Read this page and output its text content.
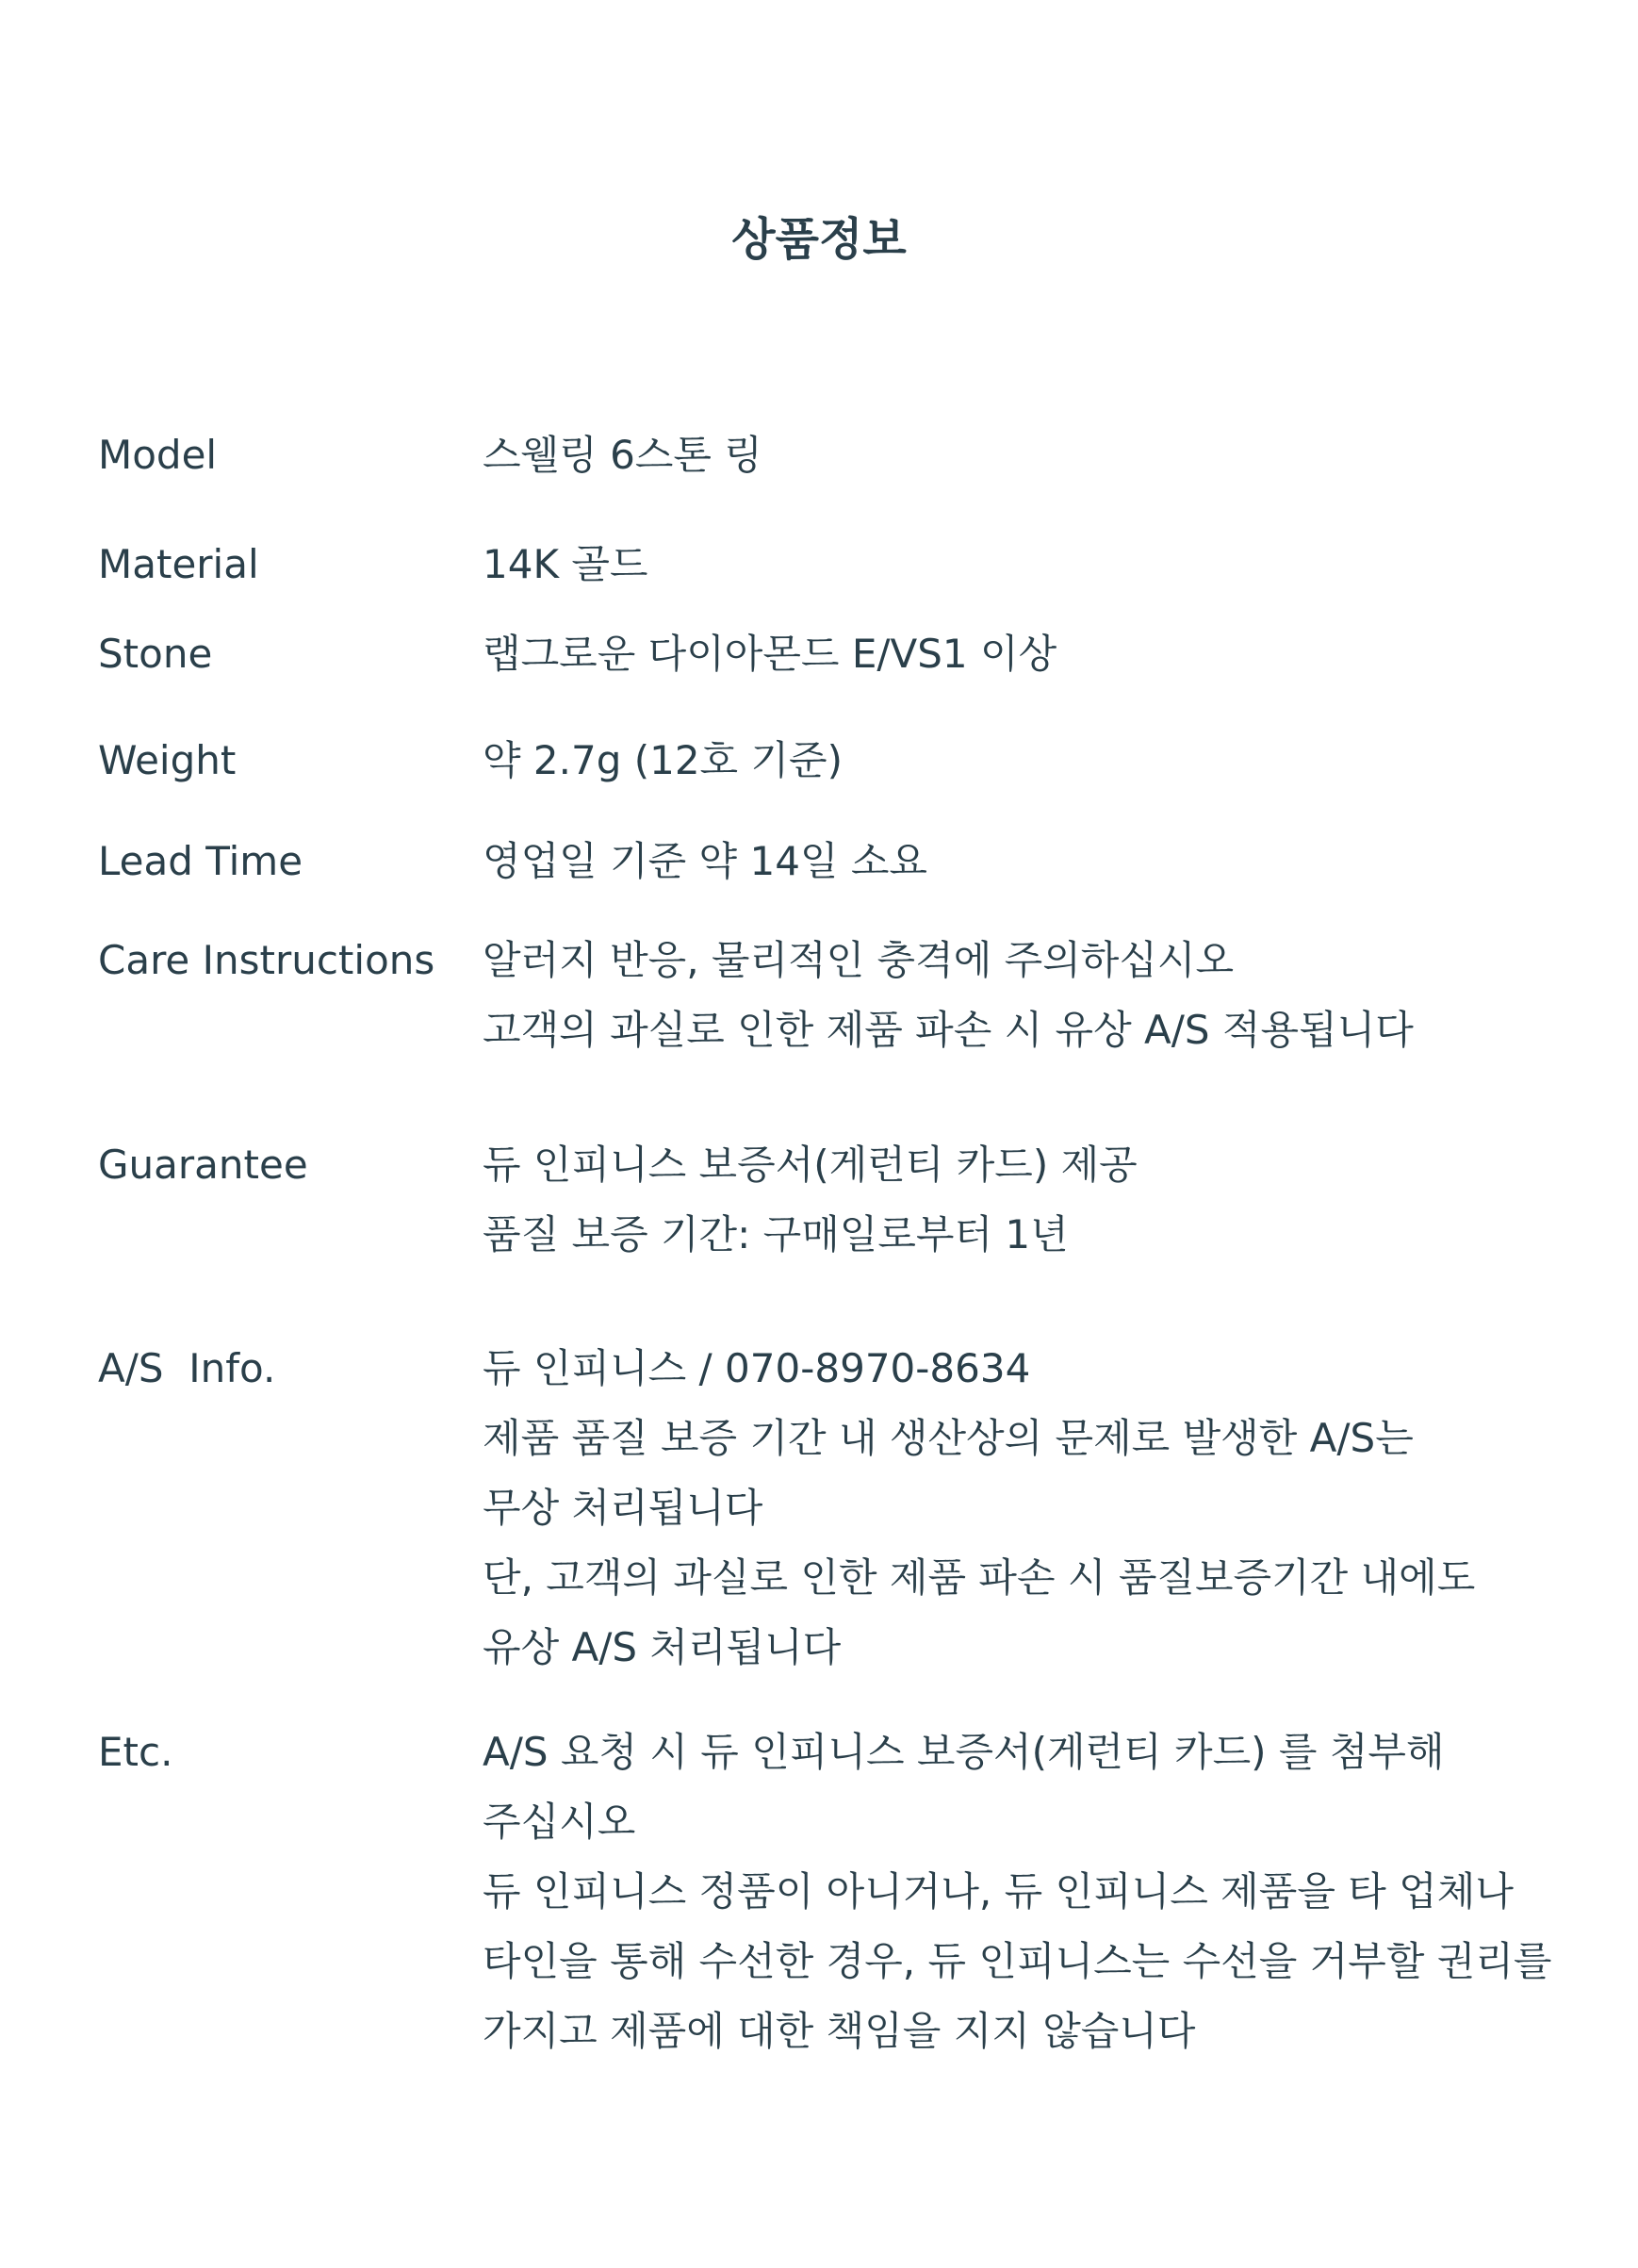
상품정보
Model	스웰링 6스톤 링
Material	14K 골드
Stone	랩그로운 다이아몬드 E/VS1 이상
Weight	약 2.7g (12호 기준)
Lead Time	영업일 기준 약 14일 소요
Care Instructions 알러지 반응, 물리적인 충격에 주의하십시오
고객의 과실로 인한 제품 파손 시 유상 A/S 적용됩니다
Guarantee	듀 인피니스 보증서(게런티 카드) 제공
품질 보증 기간: 구매일로부터 1년
A/S  Info.	듀 인피니스 / 070-8970-8634
제품 품질 보증 기간 내 생산상의 문제로 발생한 A/S는
무상 처리됩니다
단, 고객의 과실로 인한 제품 파손 시 품질보증기간 내에도
유상 A/S 처리됩니다
Etc.	A/S 요청 시 듀 인피니스 보증서(게런티 카드) 를 첨부해
주십시오
듀 인피니스 정품이 아니거나, 듀 인피니스 제품을 타 업체나
타인을 통해 수선한 경우, 듀 인피니스는 수선을 거부할 권리를
가지고 제품에 대한 책임을 지지 않습니다
